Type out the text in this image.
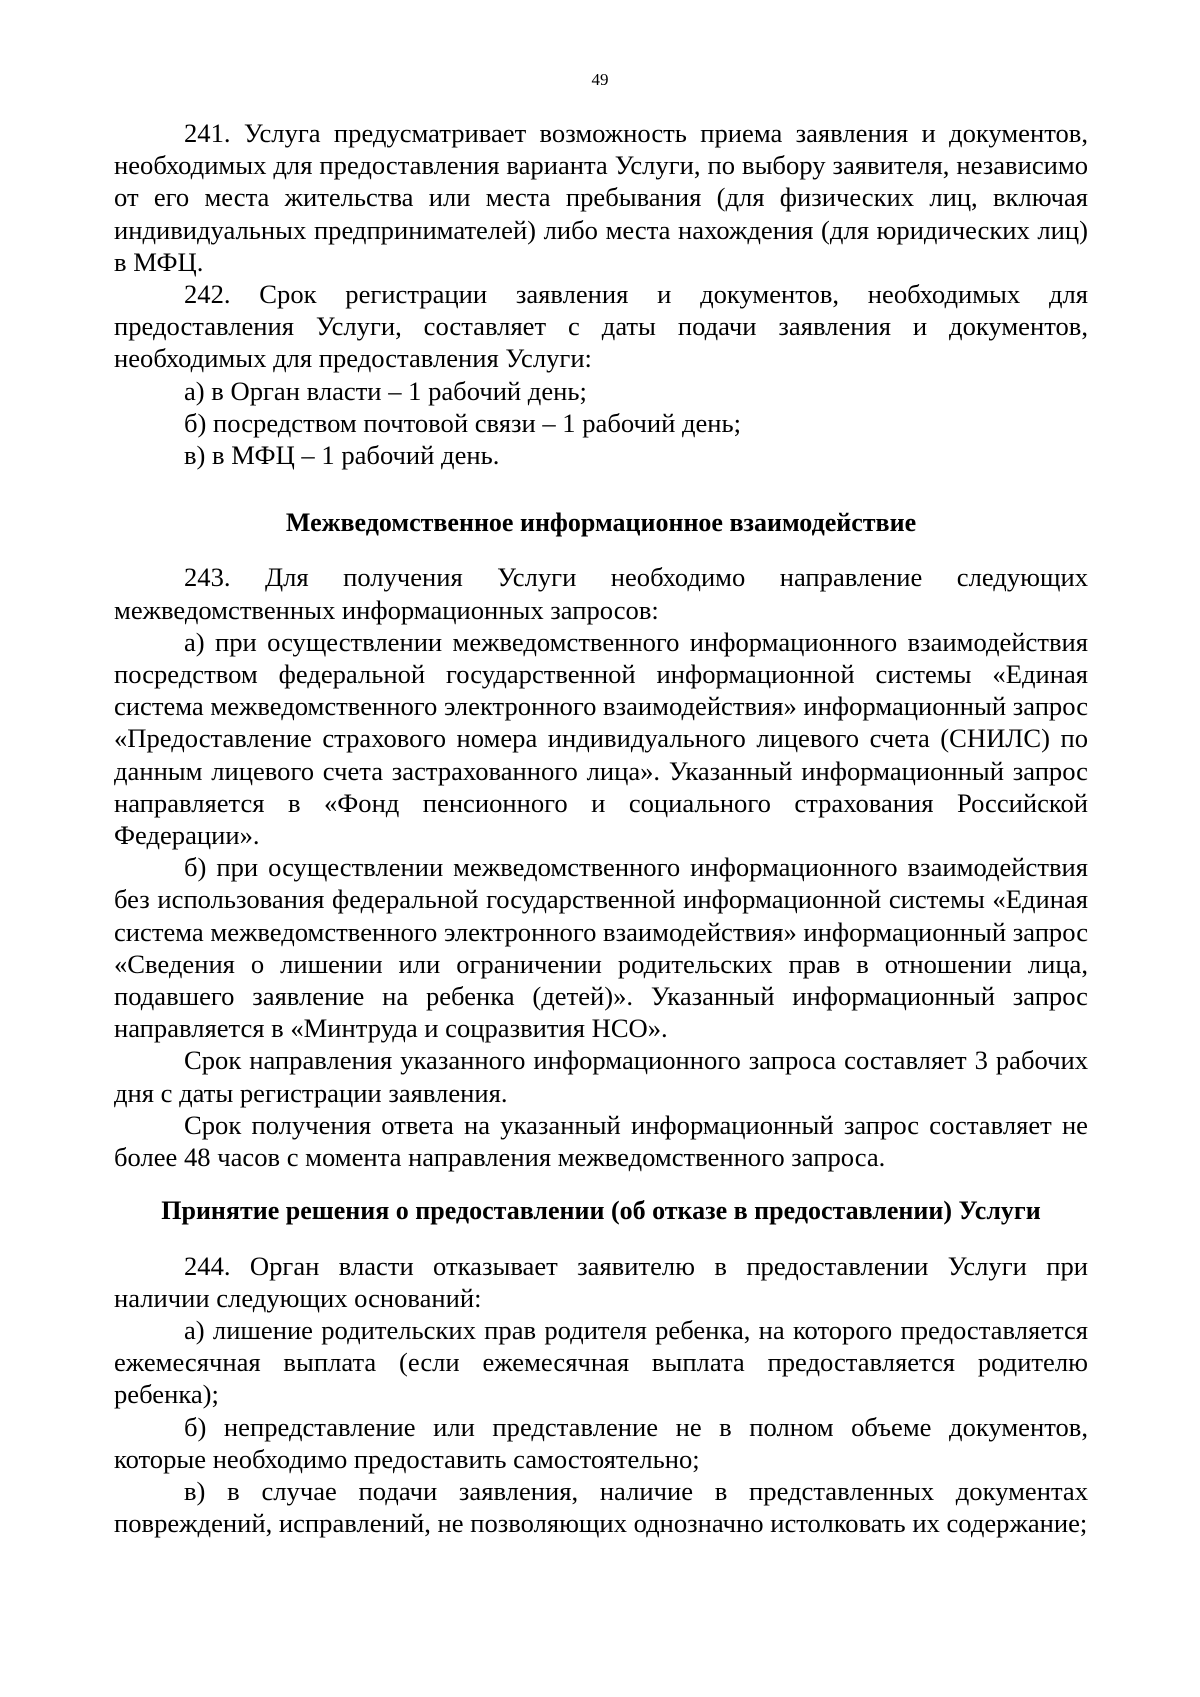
49

241. Услуга предусматривает возможность приема заявления и документов, необходимых для предоставления варианта Услуги, по выбору заявителя, независимо от его места жительства или места пребывания (для физических лиц, включая индивидуальных предпринимателей) либо места нахождения (для юридических лиц) в МФЦ.

242. Срок регистрации заявления и документов, необходимых для предоставления Услуги, составляет с даты подачи заявления и документов, необходимых для предоставления Услуги:

а) в Орган власти – 1 рабочий день;

б) посредством почтовой связи – 1 рабочий день;

в) в МФЦ – 1 рабочий день.

Межведомственное информационное взаимодействие

243. Для получения Услуги необходимо направление следующих межведомственных информационных запросов:

а) при осуществлении межведомственного информационного взаимодействия посредством федеральной государственной информационной системы «Единая система межведомственного электронного взаимодействия» информационный запрос «Предоставление страхового номера индивидуального лицевого счета (СНИЛС) по данным лицевого счета застрахованного лица». Указанный информационный запрос направляется в «Фонд пенсионного и социального страхования Российской Федерации».

б) при осуществлении межведомственного информационного взаимодействия без использования федеральной государственной информационной системы «Единая система межведомственного электронного взаимодействия» информационный запрос «Сведения о лишении или ограничении родительских прав в отношении лица, подавшего заявление на ребенка (детей)». Указанный информационный запрос направляется в «Минтруда и соцразвития НСО».

Срок направления указанного информационного запроса составляет 3 рабочих дня с даты регистрации заявления.

Срок получения ответа на указанный информационный запрос составляет не более 48 часов с момента направления межведомственного запроса.

Принятие решения о предоставлении (об отказе в предоставлении) Услуги

244. Орган власти отказывает заявителю в предоставлении Услуги при наличии следующих оснований:

а) лишение родительских прав родителя ребенка, на которого предоставляется ежемесячная выплата (если ежемесячная выплата предоставляется родителю ребенка);

б) непредставление или представление не в полном объеме документов, которые необходимо предоставить самостоятельно;

в) в случае подачи заявления, наличие в представленных документах повреждений, исправлений, не позволяющих однозначно истолковать их содержание;
